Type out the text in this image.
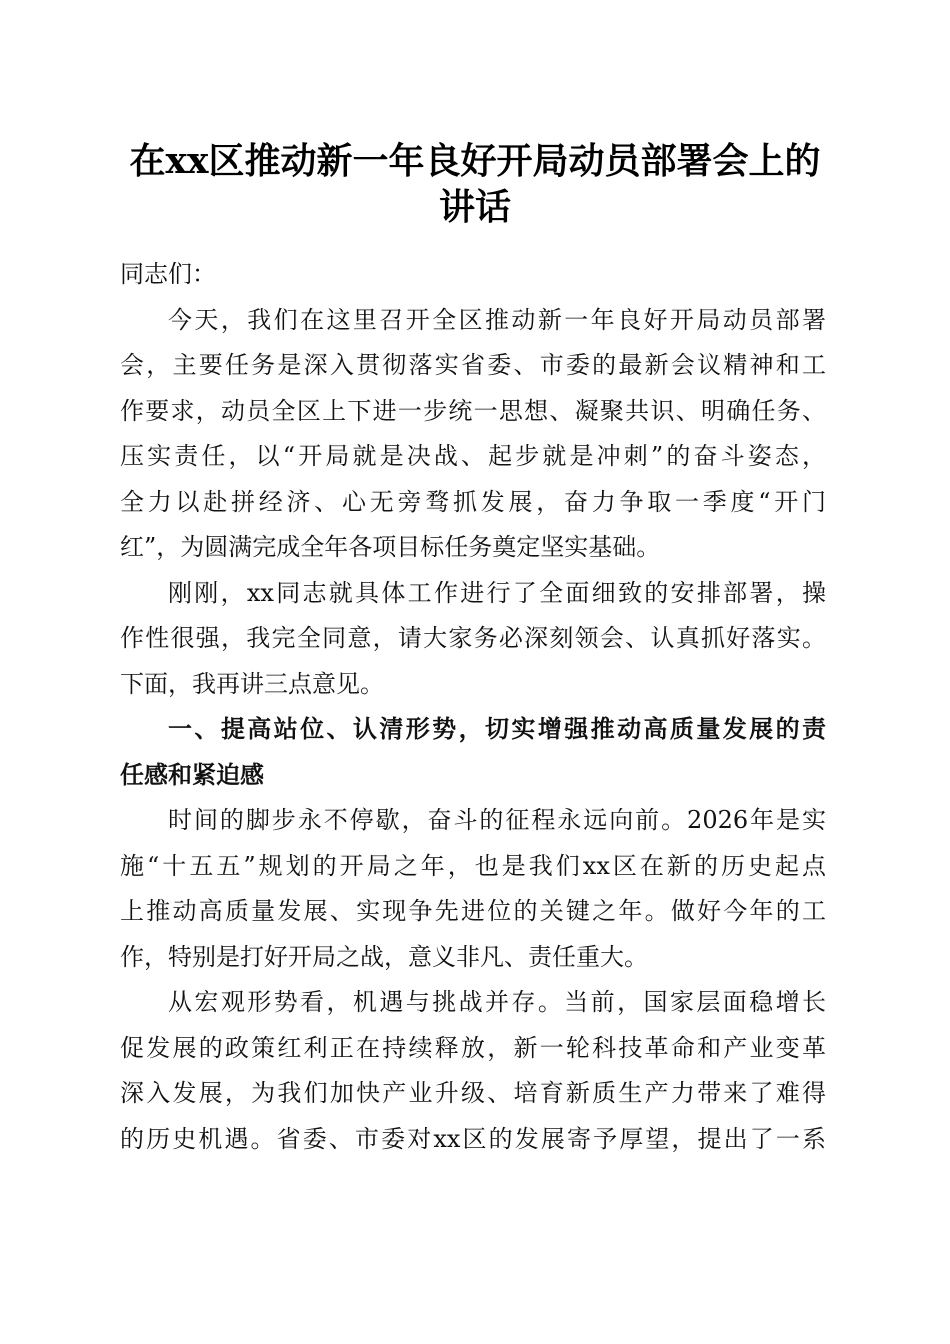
在xx区推动新一年良好开局动员部署会上的
讲话
同志们：

今天，我们在这里召开全区推动新一年良好开局动员部署
会，主要任务是深入贯彻落实省委、市委的最新会议精神和工
作要求，动员全区上下进一步统一思想、凝聚共识、明确任务、
压实责任，以“开局就是决战、起步就是冲刺”的奋斗姿态，
全力以赴拼经济、心无旁骛抓发展，奋力争取一季度“开门
红”，为圆满完成全年各项目标任务奠定坚实基础。

刚刚，xx同志就具体工作进行了全面细致的安排部署，操
作性很强，我完全同意，请大家务必深刻领会、认真抓好落实。
下面，我再讲三点意见。

一、提高站位、认清形势，切实增强推动高质量发展的责
任感和紧迫感

时间的脚步永不停歇，奋斗的征程永远向前。2026年是实
施“十五五”规划的开局之年，也是我们xx区在新的历史起点
上推动高质量发展、实现争先进位的关键之年。做好今年的工
作，特别是打好开局之战，意义非凡、责任重大。

从宏观形势看，机遇与挑战并存。当前，国家层面稳增长
促发展的政策红利正在持续释放，新一轮科技革命和产业变革
深入发展，为我们加快产业升级、培育新质生产力带来了难得
的历史机遇。省委、市委对xx区的发展寄予厚望，提出了一系
